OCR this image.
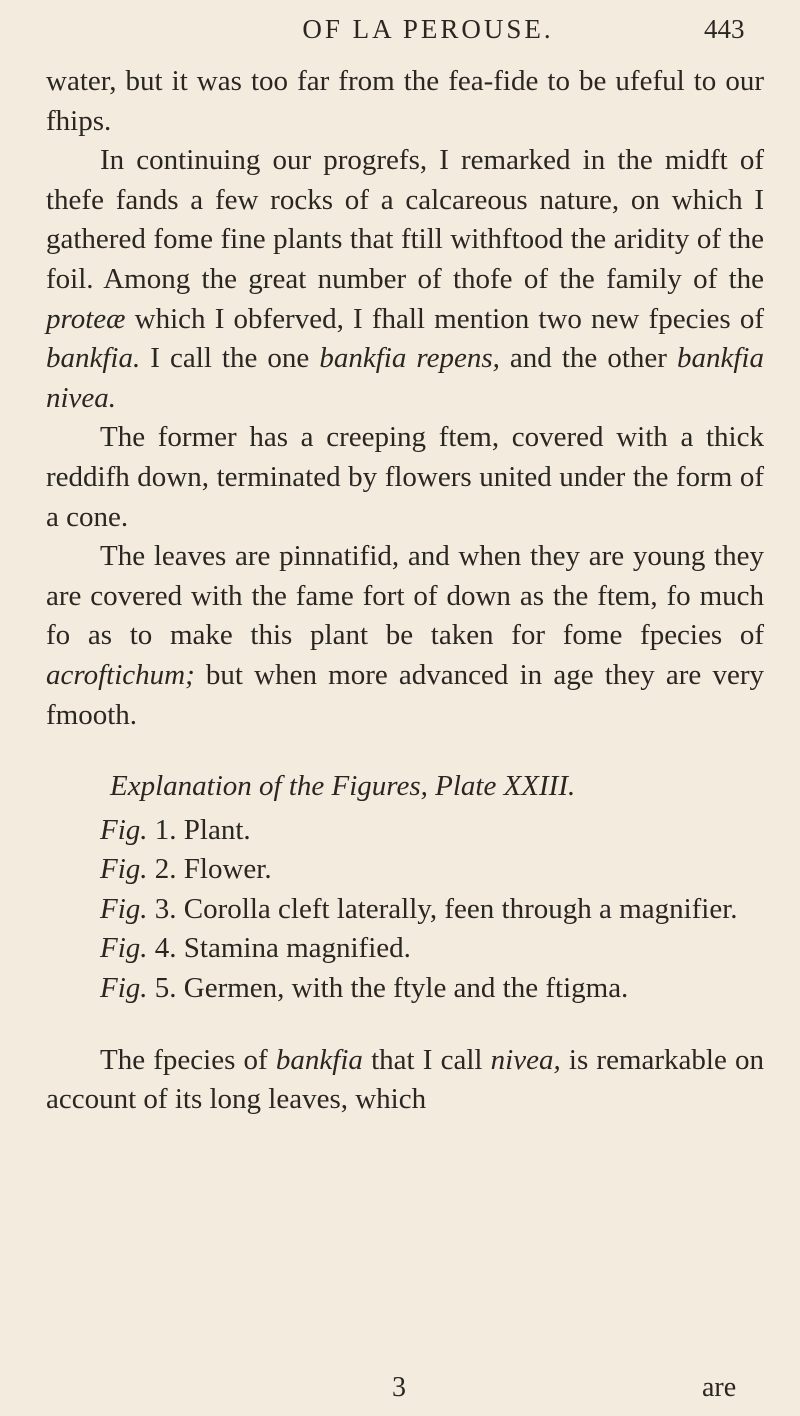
OF LA PEROUSE.	443

water, but it was too far from the fea-fide to be ufeful to our fhips.

In continuing our progrefs, I remarked in the midft of thefe fands a few rocks of a calcareous nature, on which I gathered fome fine plants that ftill withftood the aridity of the foil. Among the great number of thofe of the family of the proteæ which I obferved, I fhall mention two new fpecies of bankfia. I call the one bankfia repens, and the other bankfia nivea.

The former has a creeping ftem, covered with a thick reddifh down, terminated by flowers united under the form of a cone.

The leaves are pinnatifid, and when they are young they are covered with the fame fort of down as the ftem, fo much fo as to make this plant be taken for fome fpecies of acroftichum; but when more advanced in age they are very fmooth.

Explanation of the Figures, Plate XXIII.

Fig. 1. Plant.

Fig. 2. Flower.

Fig. 3. Corolla cleft laterally, feen through a magnifier.

Fig. 4. Stamina magnified.

Fig. 5. Germen, with the ftyle and the ftigma.

The fpecies of bankfia that I call nivea, is remarkable on account of its long leaves, which

3	are
